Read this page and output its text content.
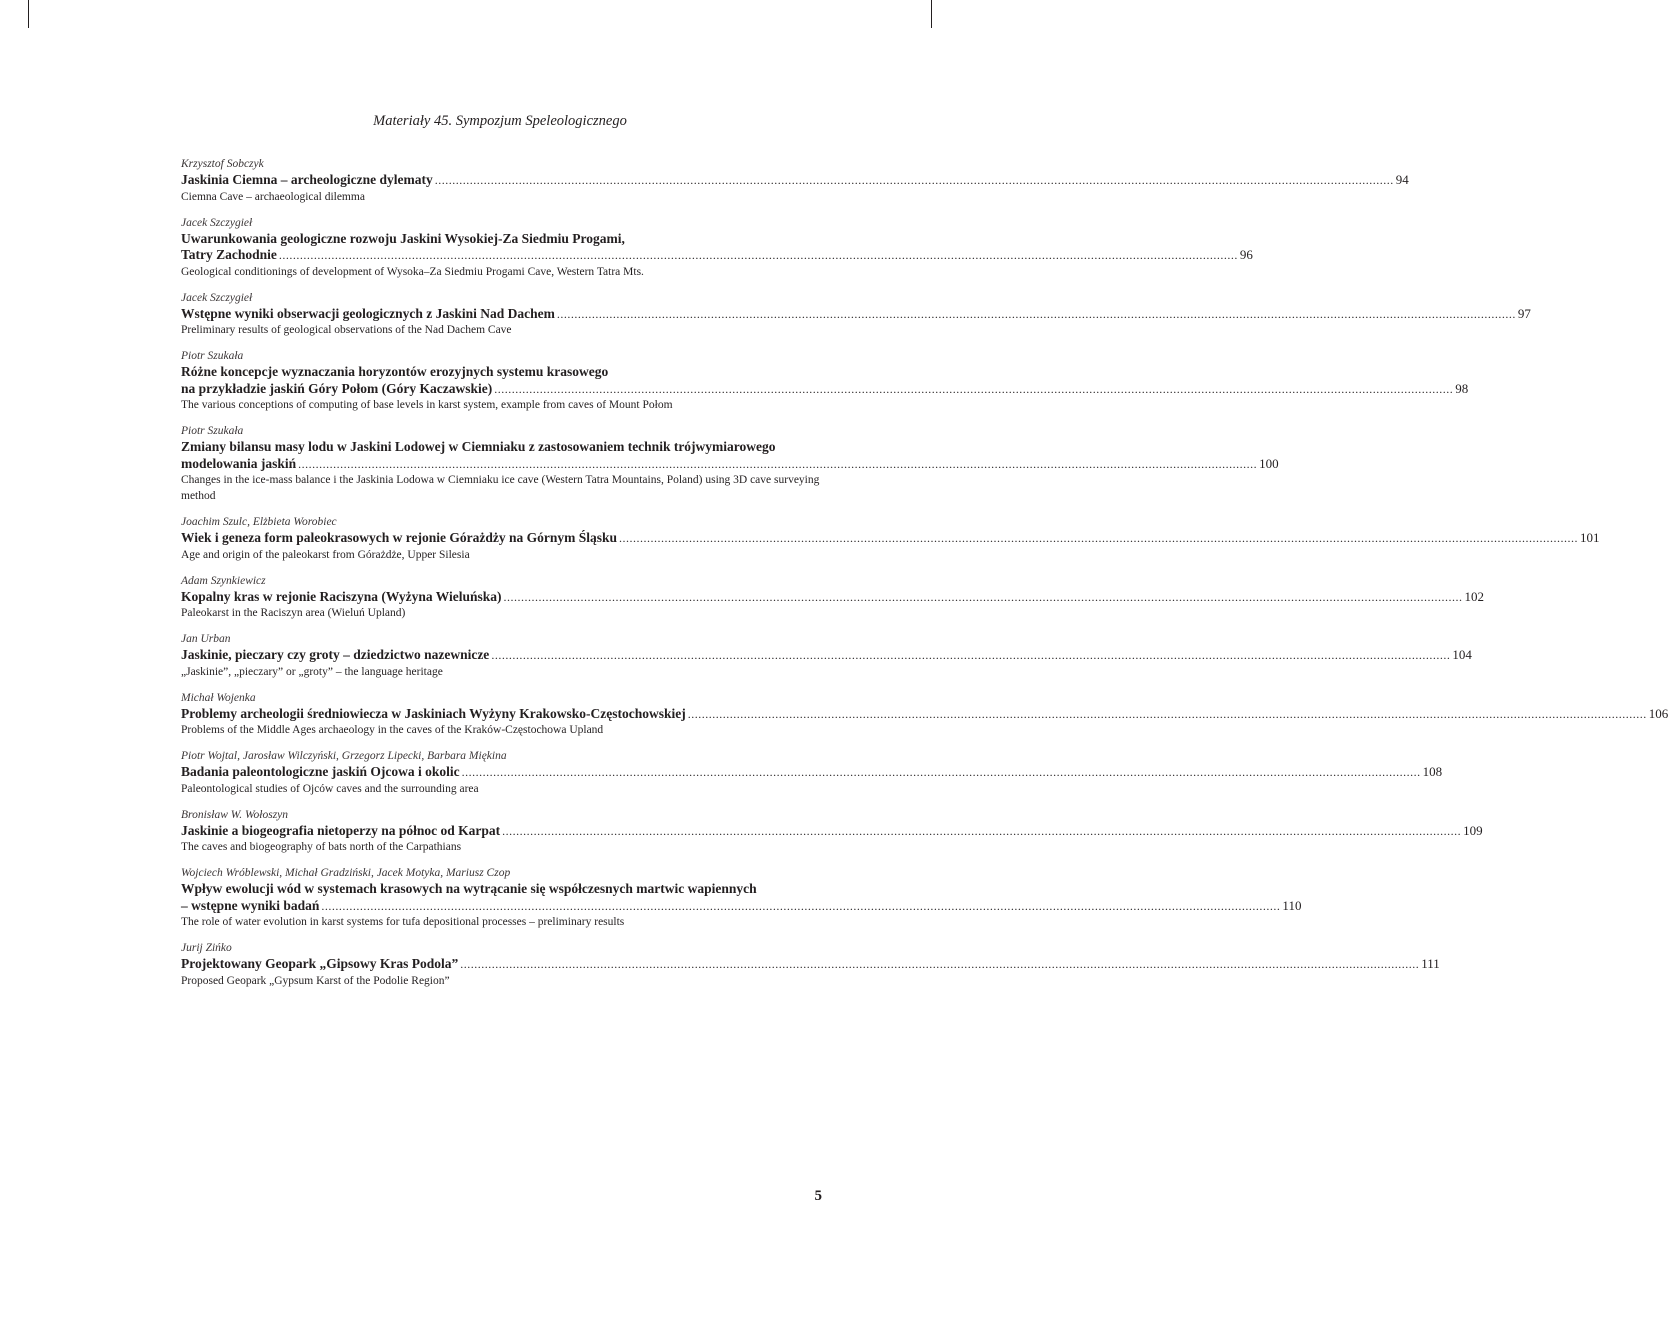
Materiały 45. Sympozjum Speleologicznego
Krzysztof Sobczyk
Jaskinia Ciemna – archeologiczne dylematy .................................................................................................................................................................................................................................................................................. 94
Ciemna Cave – archaeological dilemma
Jacek Szczygieł
Uwarunkowania geologiczne rozwoju Jaskini Wysokiej-Za Siedmiu Progami,
Tatry Zachodnie .................................................................................................................................................................................................................................................................................. 96
Geological conditionings of development of Wysoka–Za Siedmiu Progami Cave, Western Tatra Mts.
Jacek Szczygieł
Wstępne wyniki obserwacji geologicznych z Jaskini Nad Dachem .................................................................................................................................................................................................................................................................................. 97
Preliminary results of geological observations of the Nad Dachem Cave
Piotr Szukała
Różne koncepcje wyznaczania horyzontów erozyjnych systemu krasowego
na przykładzie jaskiń Góry Połom (Góry Kaczawskie) .................................................................................................................................................................................................................................................................................. 98
The various conceptions of computing of base levels in karst system, example from caves of Mount Połom
Piotr Szukała
Zmiany bilansu masy lodu w Jaskini Lodowej w Ciemniaku z zastosowaniem technik trójwymiarowego
modelowania jaskiń .................................................................................................................................................................................................................................................................................. 100
Changes in the ice-mass balance i the Jaskinia Lodowa w Ciemniaku ice cave (Western Tatra Mountains, Poland) using 3D cave surveying method
Joachim Szulc, Elżbieta Worobiec
Wiek i geneza form paleokrasowych w rejonie Górażdży na Górnym Śląsku .................................................................................................................................................................................................................................................................................. 101
Age and origin of the paleokarst from Górażdże, Upper Silesia
Adam Szynkiewicz
Kopalny kras w rejonie Raciszyna (Wyżyna Wieluńska) .................................................................................................................................................................................................................................................................................. 102
Paleokarst in the Raciszyn area (Wieluń Upland)
Jan Urban
Jaskinie, pieczary czy groty – dziedzictwo nazewnicze .................................................................................................................................................................................................................................................................................. 104
„Jaskinie”, „pieczary” or „groty” – the language heritage
Michał Wojenka
Problemy archeologii średniowiecza w Jaskiniach Wyżyny Krakowsko-Częstochowskiej .................................................................................................................................................................................................................................................................................. 106
Problems of the Middle Ages archaeology in the caves of the Kraków-Częstochowa Upland
Piotr Wojtal, Jarosław Wilczyński, Grzegorz Lipecki, Barbara Miękina
Badania paleontologiczne jaskiń Ojcowa i okolic .................................................................................................................................................................................................................................................................................. 108
Paleontological studies of Ojców caves and the surrounding area
Bronisław W. Wołoszyn
Jaskinie a biogeografia nietoperzy na północ od Karpat .................................................................................................................................................................................................................................................................................. 109
The caves and biogeography of bats north of the Carpathians
Wojciech Wróblewski, Michał Gradziński, Jacek Motyka, Mariusz Czop
Wpływ ewolucji wód w systemach krasowych na wytrącanie się współczesnych martwic wapiennych
– wstępne wyniki badań .................................................................................................................................................................................................................................................................................. 110
The role of water evolution in karst systems for tufa depositional processes – preliminary results
Jurij Zińko
Projektowany Geopark „Gipsowy Kras Podola” .................................................................................................................................................................................................................................................................................. 111
Proposed Geopark „Gypsum Karst of the Podolie Region”
5
